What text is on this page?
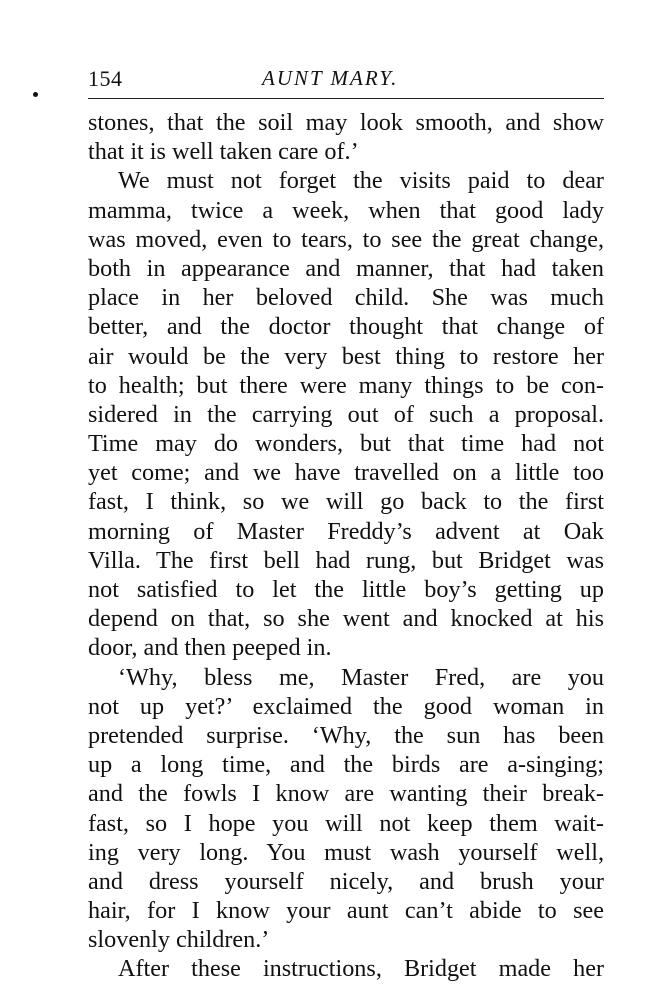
154	AUNT MARY.
stones, that the soil may look smooth, and show
that it is well taken care of.’
We must not forget the visits paid to dear
mamma, twice a week, when that good lady
was moved, even to tears, to see the great change,
both in appearance and manner, that had taken
place in her beloved child. She was much
better, and the doctor thought that change of
air would be the very best thing to restore her
to health; but there were many things to be con-
sidered in the carrying out of such a proposal.
Time may do wonders, but that time had not
yet come; and we have travelled on a little too
fast, I think, so we will go back to the first
morning of Master Freddy’s advent at Oak
Villa. The first bell had rung, but Bridget was
not satisfied to let the little boy’s getting up
depend on that, so she went and knocked at his
door, and then peeped in.
‘Why, bless me, Master Fred, are you
not up yet?’ exclaimed the good woman in
pretended surprise. ‘Why, the sun has been
up a long time, and the birds are a-singing;
and the fowls I know are wanting their break-
fast, so I hope you will not keep them wait-
ing very long. You must wash yourself well,
and dress yourself nicely, and brush your
hair, for I know your aunt can’t abide to see
slovenly children.’
After these instructions, Bridget made her
